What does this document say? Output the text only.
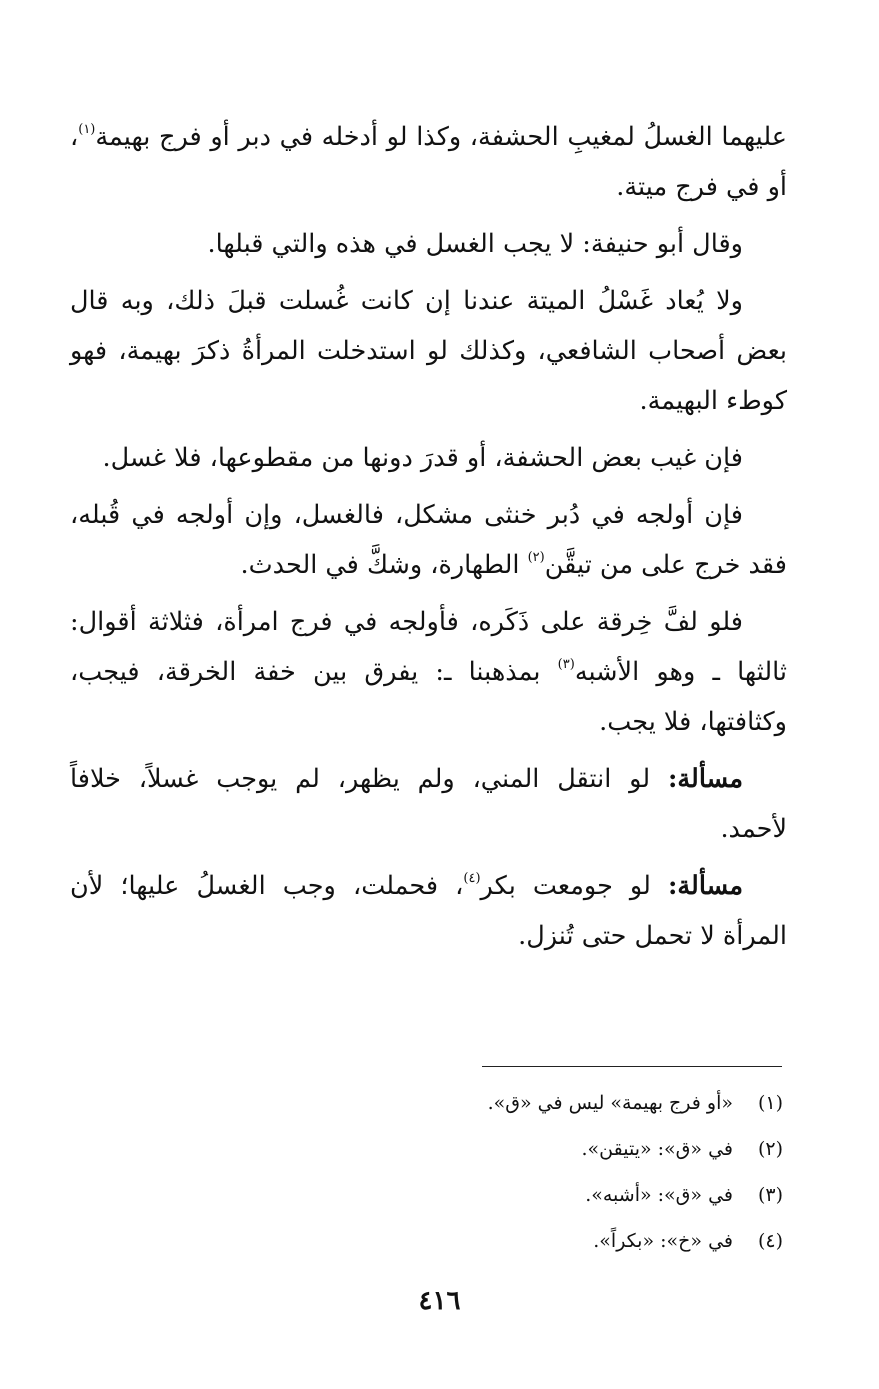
عليهما الغسلُ لمغيبِ الحشفة، وكذا لو أدخله في دبر أو فرج بهيمة$^{(١)}$،
أو في فرج ميتة.

وقال أبو حنيفة: لا يجب الغسل في هذه والتي قبلها.

ولا يُعاد غَسْلُ الميتة عندنا إن كانت غُسلت قبلَ ذلك، وبه قال
بعض أصحاب الشافعي، وكذلك لو استدخلت المرأةُ ذكرَ بهيمة، فهو
كوطء البهيمة.

فإن غيب بعض الحشفة، أو قدرَ دونها من مقطوعها، فلا غسل.

فإن أولجه في دُبر خنثى مشكل، فالغسل، وإن أولجه في قُبله،
فقد خرج على من تيقَّن$^{(٢)}$ الطهارة، وشكَّ في الحدث.

فلو لفَّ خِرقة على ذَكَره، فأولجه في فرج امرأة، فثلاثة أقوال:
ثالثها ـ وهو الأشبه$^{(٣)}$ بمذهبنا ـ: يفرق بين خفة الخرقة، فيجب،
وكثافتها، فلا يجب.

مسألة: لو انتقل المني، ولم يظهر، لم يوجب غسلاً، خلافاً
لأحمد.

مسألة: لو جومعت بكر$^{(٤)}$، فحملت، وجب الغسلُ عليها؛ لأن
المرأة لا تحمل حتى تُنزل.

(١)
«أو فرج بهيمة» ليس في «ق».
(٢)
في «ق»: «يتيقن».
(٣)
في «ق»: «أشبه».
(٤)
في «خ»: «بكراً».
٤١٦
